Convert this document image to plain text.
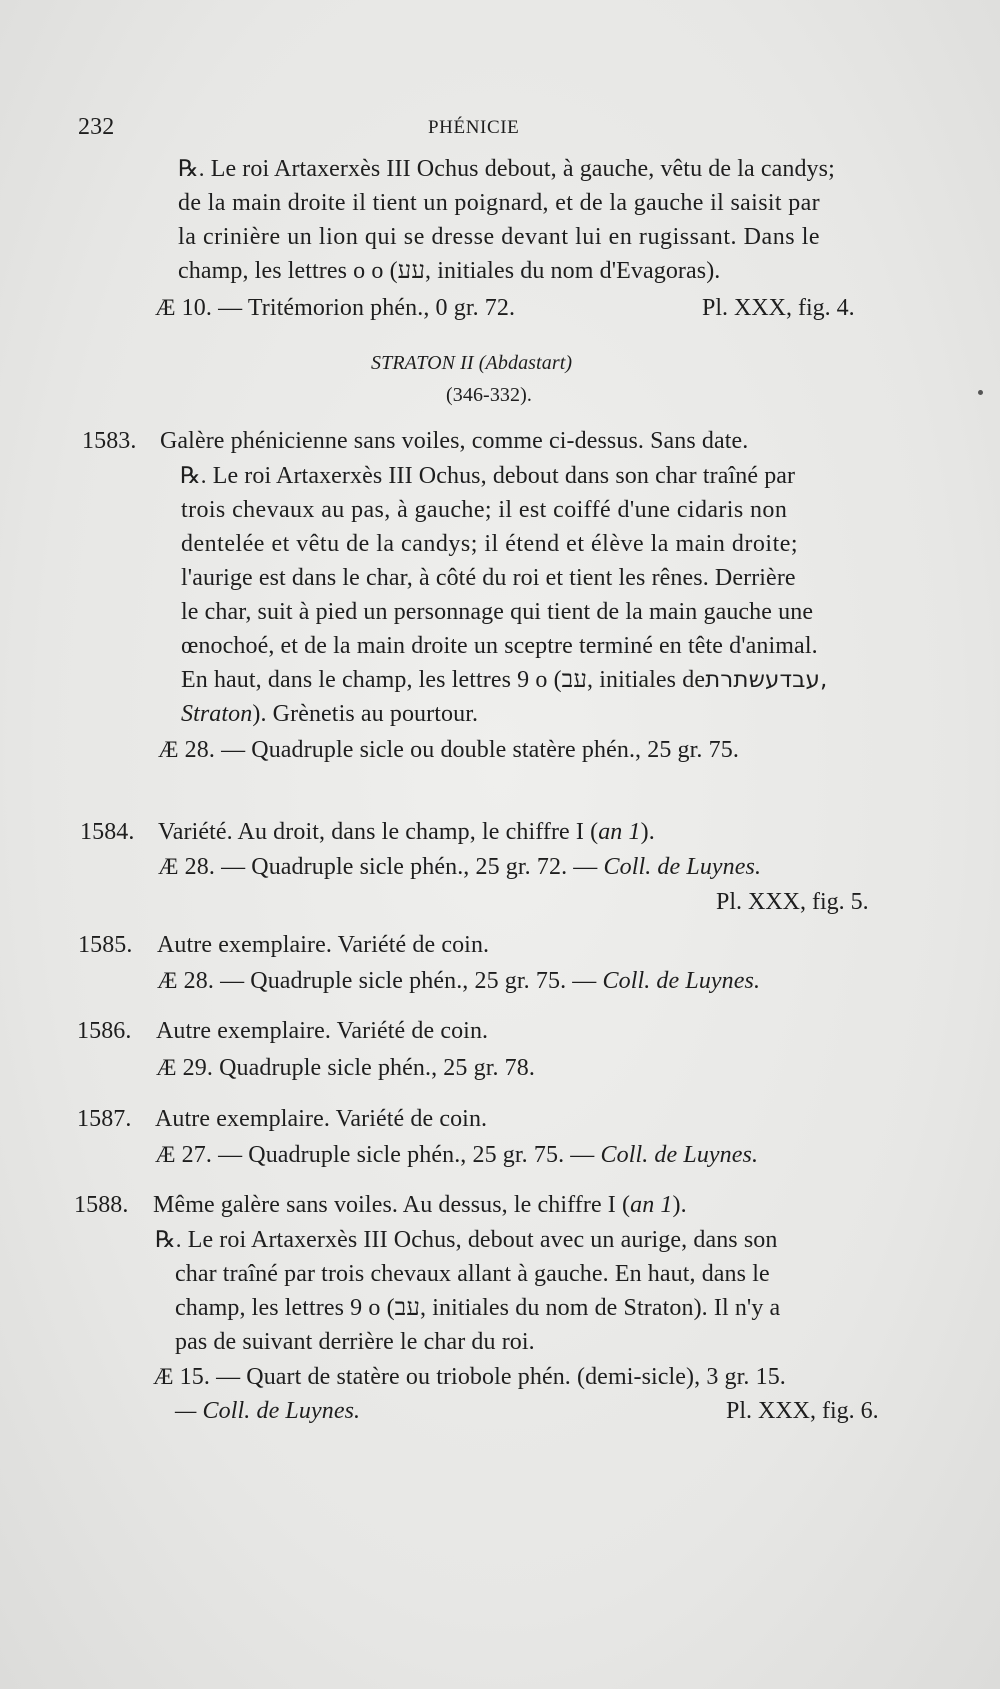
232	PHÉNICIE
℞. Le roi Artaxerxès III Ochus debout, à gauche, vêtu de la candys;
de la main droite il tient un poignard, et de la gauche il saisit par
la crinière un lion qui se dresse devant lui en rugissant. Dans le
champ, les lettres o o (עע, initiales du nom d'Evagoras).
Æ 10. — Tritémorion phén., 0 gr. 72.	Pl. XXX, fig. 4.
STRATON II (Abdastart)
(346-332).
1583. Galère phénicienne sans voiles, comme ci-dessus. Sans date.
℞. Le roi Artaxerxès III Ochus, debout dans son char traîné par
trois chevaux au pas, à gauche; il est coiffé d'une cidaris non
dentelée et vêtu de la candys; il étend et élève la main droite;
l'aurige est dans le char, à côté du roi et tient les rênes. Derrière
le char, suit à pied un personnage qui tient de la main gauche une
œnochoé, et de la main droite un sceptre terminé en tête d'animal.
En haut, dans le champ, les lettres 9 o (עב, initiales deעבדעשתרת,
Straton). Grènetis au pourtour.
Æ 28. — Quadruple sicle ou double statère phén., 25 gr. 75.
1584. Variété. Au droit, dans le champ, le chiffre I (an 1).
Æ 28. — Quadruple sicle phén., 25 gr. 72. — Coll. de Luynes.
Pl. XXX, fig. 5.
1585. Autre exemplaire. Variété de coin.
Æ 28. — Quadruple sicle phén., 25 gr. 75. — Coll. de Luynes.
1586. Autre exemplaire. Variété de coin.
Æ 29. Quadruple sicle phén., 25 gr. 78.
1587. Autre exemplaire. Variété de coin.
Æ 27. — Quadruple sicle phén., 25 gr. 75. — Coll. de Luynes.
1588. Même galère sans voiles. Au dessus, le chiffre I (an 1).
℞. Le roi Artaxerxès III Ochus, debout avec un aurige, dans son
char traîné par trois chevaux allant à gauche. En haut, dans le
champ, les lettres 9 o (עב, initiales du nom de Straton). Il n'y a
pas de suivant derrière le char du roi.
Æ 15. — Quart de statère ou triobole phén. (demi-sicle), 3 gr. 15.
— Coll. de Luynes.	Pl. XXX, fig. 6.
